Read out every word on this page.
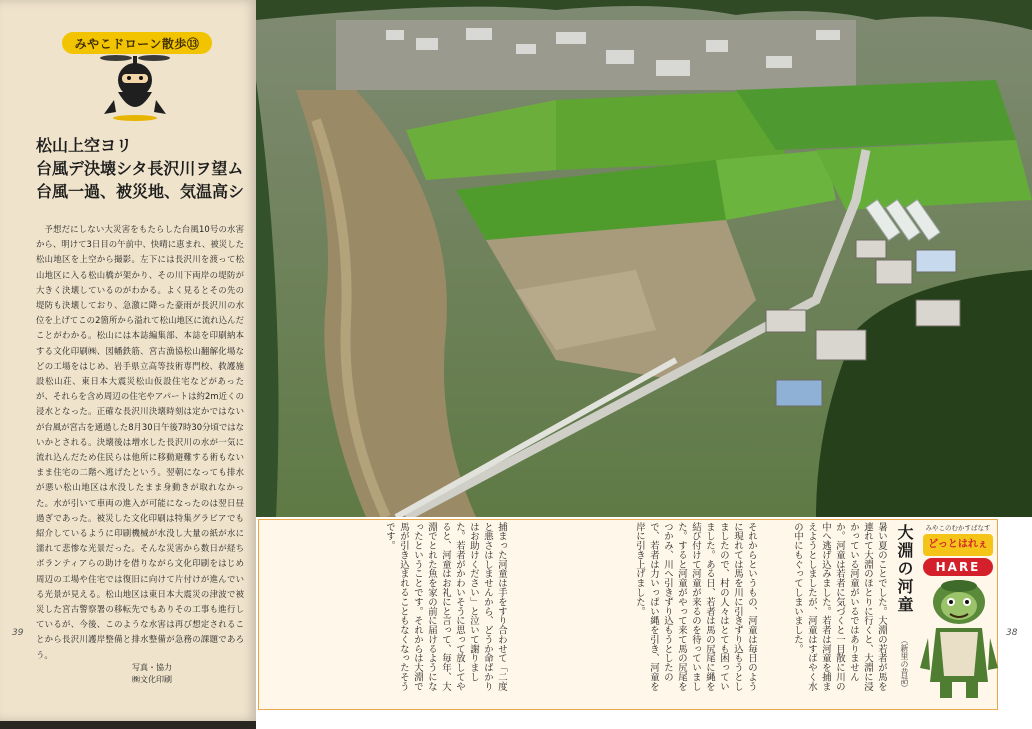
みやこドローン散歩⑬
松山上空ヨリ
台風デ決壊シタ長沢川ヲ望ム
台風一過、被災地、気温高シ

予想だにしない大災害をもたらした台風10号の水害から、明けて3日目の午前中、快晴に恵まれ、被災した松山地区を上空から撮影。左下には長沢川を渡って松山地区に入る松山橋が架かり、その川下両岸の堤防が大きく決壊しているのがわかる。よく見るとその先の堤防も決壊しており、急激に降った豪雨が長沢川の水位を上げてこの2箇所から溢れて松山地区に流れ込んだことがわかる。松山には本誌編集部、本誌を印刷納本する文化印刷㈱、図幡鉄筋、宮古漁協松山翻解化場などの工場をはじめ、岩手県立高等技術専門校、救護施設松山荘、東日本大震災松山仮設住宅などがあったが、それらを含め周辺の住宅やアパートは約2m近くの浸水となった。正確な長沢川決壊時刻は定かではないが台風が宮古を通過した8月30日午後7時30分頃ではないかとされる。決壊後は増水した長沢川の水が一気に流れ込んだため住民らは他所に移動避難する術もないまま住宅の二階へ逃げたという。翌朝になっても排水が悪い松山地区は水没したまま身動きが取れなかった。水が引いて車両の進入が可能になったのは翌日昼過ぎであった。被災した文化印刷は特集グラビアでも紹介しているように印刷機械が水没し大量の紙が水に濡れて悲惨な光景だった。そんな災害から数日が経ちボランティアらの助けを借りながら文化印刷をはじめ周辺の工場や住宅では復旧に向けて片付けが進んでいる光景が見える。松山地区は東日本大震災の津波で被災した宮古警察署の移転先でもありその工事も進行しているが、今後、このような水害は再び想定されることから長沢川護岸整備と排水整備が急務の課題であろう。

写真・協力
㈱文化印刷
39
大淵の河童
（新里の昔話）
暑い夏のことでした。大淵の若者が馬を連れて大淵のほとりに行くと、大淵に浸かっている河童がいるではありませんか。河童は若者に気づくと一目散に川の中へ逃げ込みました。若者は河童を捕まえようとしましたが、河童はすばやく水の中にもぐってしまいました。
それからというもの、河童は毎日のように現れては馬を川に引きずり込もうとしましたので、村の人々はとても困っていました。ある日、若者は馬の尻尾に縄を結び付けて河童が来るのを待っていました。すると河童がやって来て馬の尻尾をつかみ、川へ引きずり込もうとしたので、若者は力いっぱい縄を引き、河童を岸に引き上げました。
捕まった河童は手をすり合わせて「二度と悪さはしませんから、どうか命ばかりはお助けください」と泣いて謝りました。若者がかわいそうに思って放してやると、河童はお礼にと言って、毎年、大淵でとれた魚を家の前に届けるようになったということです。それからは大淵で馬が引き込まれることもなくなったそうです。	みやこのむかすばなす
どっとはれぇ
HARE
38
